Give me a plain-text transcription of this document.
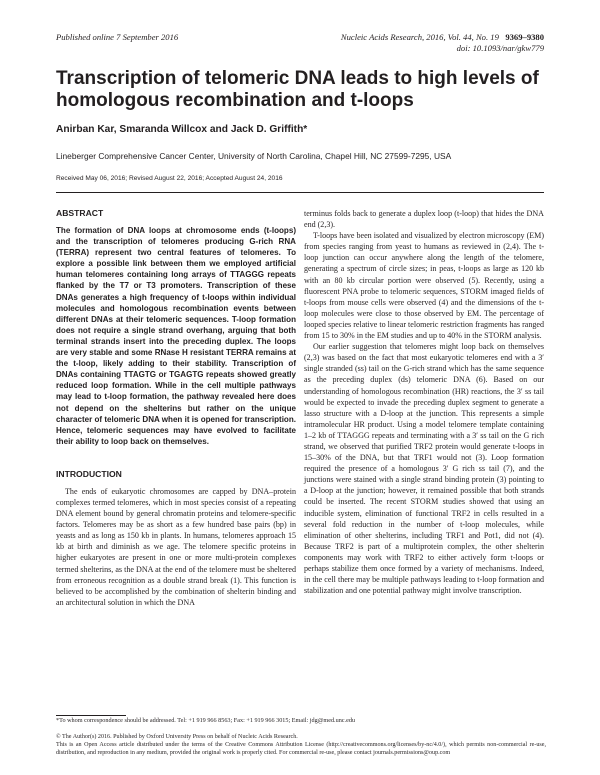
Published online 7 September 2016	Nucleic Acids Research, 2016, Vol. 44, No. 19 9369–9380
doi: 10.1093/nar/gkw779
Transcription of telomeric DNA leads to high levels of homologous recombination and t-loops
Anirban Kar, Smaranda Willcox and Jack D. Griffith*
Lineberger Comprehensive Cancer Center, University of North Carolina, Chapel Hill, NC 27599-7295, USA
Received May 06, 2016; Revised August 22, 2016; Accepted August 24, 2016
ABSTRACT

The formation of DNA loops at chromosome ends (t-loops) and the transcription of telomeres producing G-rich RNA (TERRA) represent two central features of telomeres. To explore a possible link between them we employed artificial human telomeres containing long arrays of TTAGGG repeats flanked by the T7 or T3 promoters. Transcription of these DNAs generates a high frequency of t-loops within individual molecules and homologous recombination events between different DNAs at their telomeric sequences. T-loop formation does not require a single strand overhang, arguing that both terminal strands insert into the preceding duplex. The loops are very stable and some RNase H resistant TERRA remains at the t-loop, likely adding to their stability. Transcription of DNAs containing TTAGTG or TGAGTG repeats showed greatly reduced loop formation. While in the cell multiple pathways may lead to t-loop formation, the pathway revealed here does not depend on the shelterins but rather on the unique character of telomeric DNA when it is opened for transcription. Hence, telomeric sequences may have evolved to facilitate their ability to loop back on themselves.

INTRODUCTION

The ends of eukaryotic chromosomes are capped by DNA–protein complexes termed telomeres, which in most species consist of a repeating DNA element bound by general chromatin proteins and telomere-specific factors. Telomeres may be as short as a few hundred base pairs (bp) in yeasts and as long as 150 kb in plants. In humans, telomeres approach 15 kb at birth and diminish as we age. The telomere specific proteins in higher eukaryotes are present in one or more multi-protein complexes termed shelterins, as the DNA at the end of the telomere must be sheltered from erroneous recognition as a double strand break (1). This function is believed to be accomplished by the combination of shelterin binding and an architectural solution in which the DNA

terminus folds back to generate a duplex loop (t-loop) that hides the DNA end (2,3).

T-loops have been isolated and visualized by electron microscopy (EM) from species ranging from yeast to humans as reviewed in (2,4). The t-loop junction can occur anywhere along the length of the telomere, generating a spectrum of circle sizes; in peas, t-loops as large as 120 kb with an 80 kb circular portion were observed (5). Recently, using a fluorescent PNA probe to telomeric sequences, STORM imaged fields of t-loops from mouse cells were observed (4) and the dimensions of the t-loop molecules were close to those observed by EM. The percentage of looped species relative to linear telomeric restriction fragments has ranged from 15 to 30% in the EM studies and up to 40% in the STORM analysis.

Our earlier suggestion that telomeres might loop back on themselves (2,3) was based on the fact that most eukaryotic telomeres end with a 3′ single stranded (ss) tail on the G-rich strand which has the same sequence as the preceding duplex (ds) telomeric DNA (6). Based on our understanding of homologous recombination (HR) reactions, the 3′ ss tail would be expected to invade the preceding duplex segment to generate a lasso structure with a D-loop at the junction. This represents a simple intramolecular HR product. Using a model telomere template containing 1–2 kb of TTAGGG repeats and terminating with a 3′ ss tail on the G rich strand, we observed that purified TRF2 protein would generate t-loops in 15–30% of the DNA, but that TRF1 would not (3). Loop formation required the presence of a homologous 3′ G rich ss tail (7), and the junctions were stained with a single strand binding protein (3) pointing to a D-loop at the junction; however, it remained possible that both strands could be inserted. The recent STORM studies showed that using an inducible system, elimination of functional TRF2 in cells resulted in a several fold reduction in the number of t-loop molecules, while elimination of other shelterins, including TRF1 and Pot1, did not (4). Because TRF2 is part of a multiprotein complex, the other shelterin components may work with TRF2 to either actively form t-loops or perhaps stabilize them once formed by a variety of mechanisms. Indeed, in the cell there may be multiple pathways leading to t-loop formation and stabilization and one potential pathway might involve transcription.

*To whom correspondence should be addressed. Tel: +1 919 966 8563; Fax: +1 919 966 3015; Email: jdg@med.unc.edu
© The Author(s) 2016. Published by Oxford University Press on behalf of Nucleic Acids Research.
This is an Open Access article distributed under the terms of the Creative Commons Attribution License (http://creativecommons.org/licenses/by-nc/4.0/), which permits non-commercial re-use, distribution, and reproduction in any medium, provided the original work is properly cited. For commercial re-use, please contact journals.permissions@oup.com
